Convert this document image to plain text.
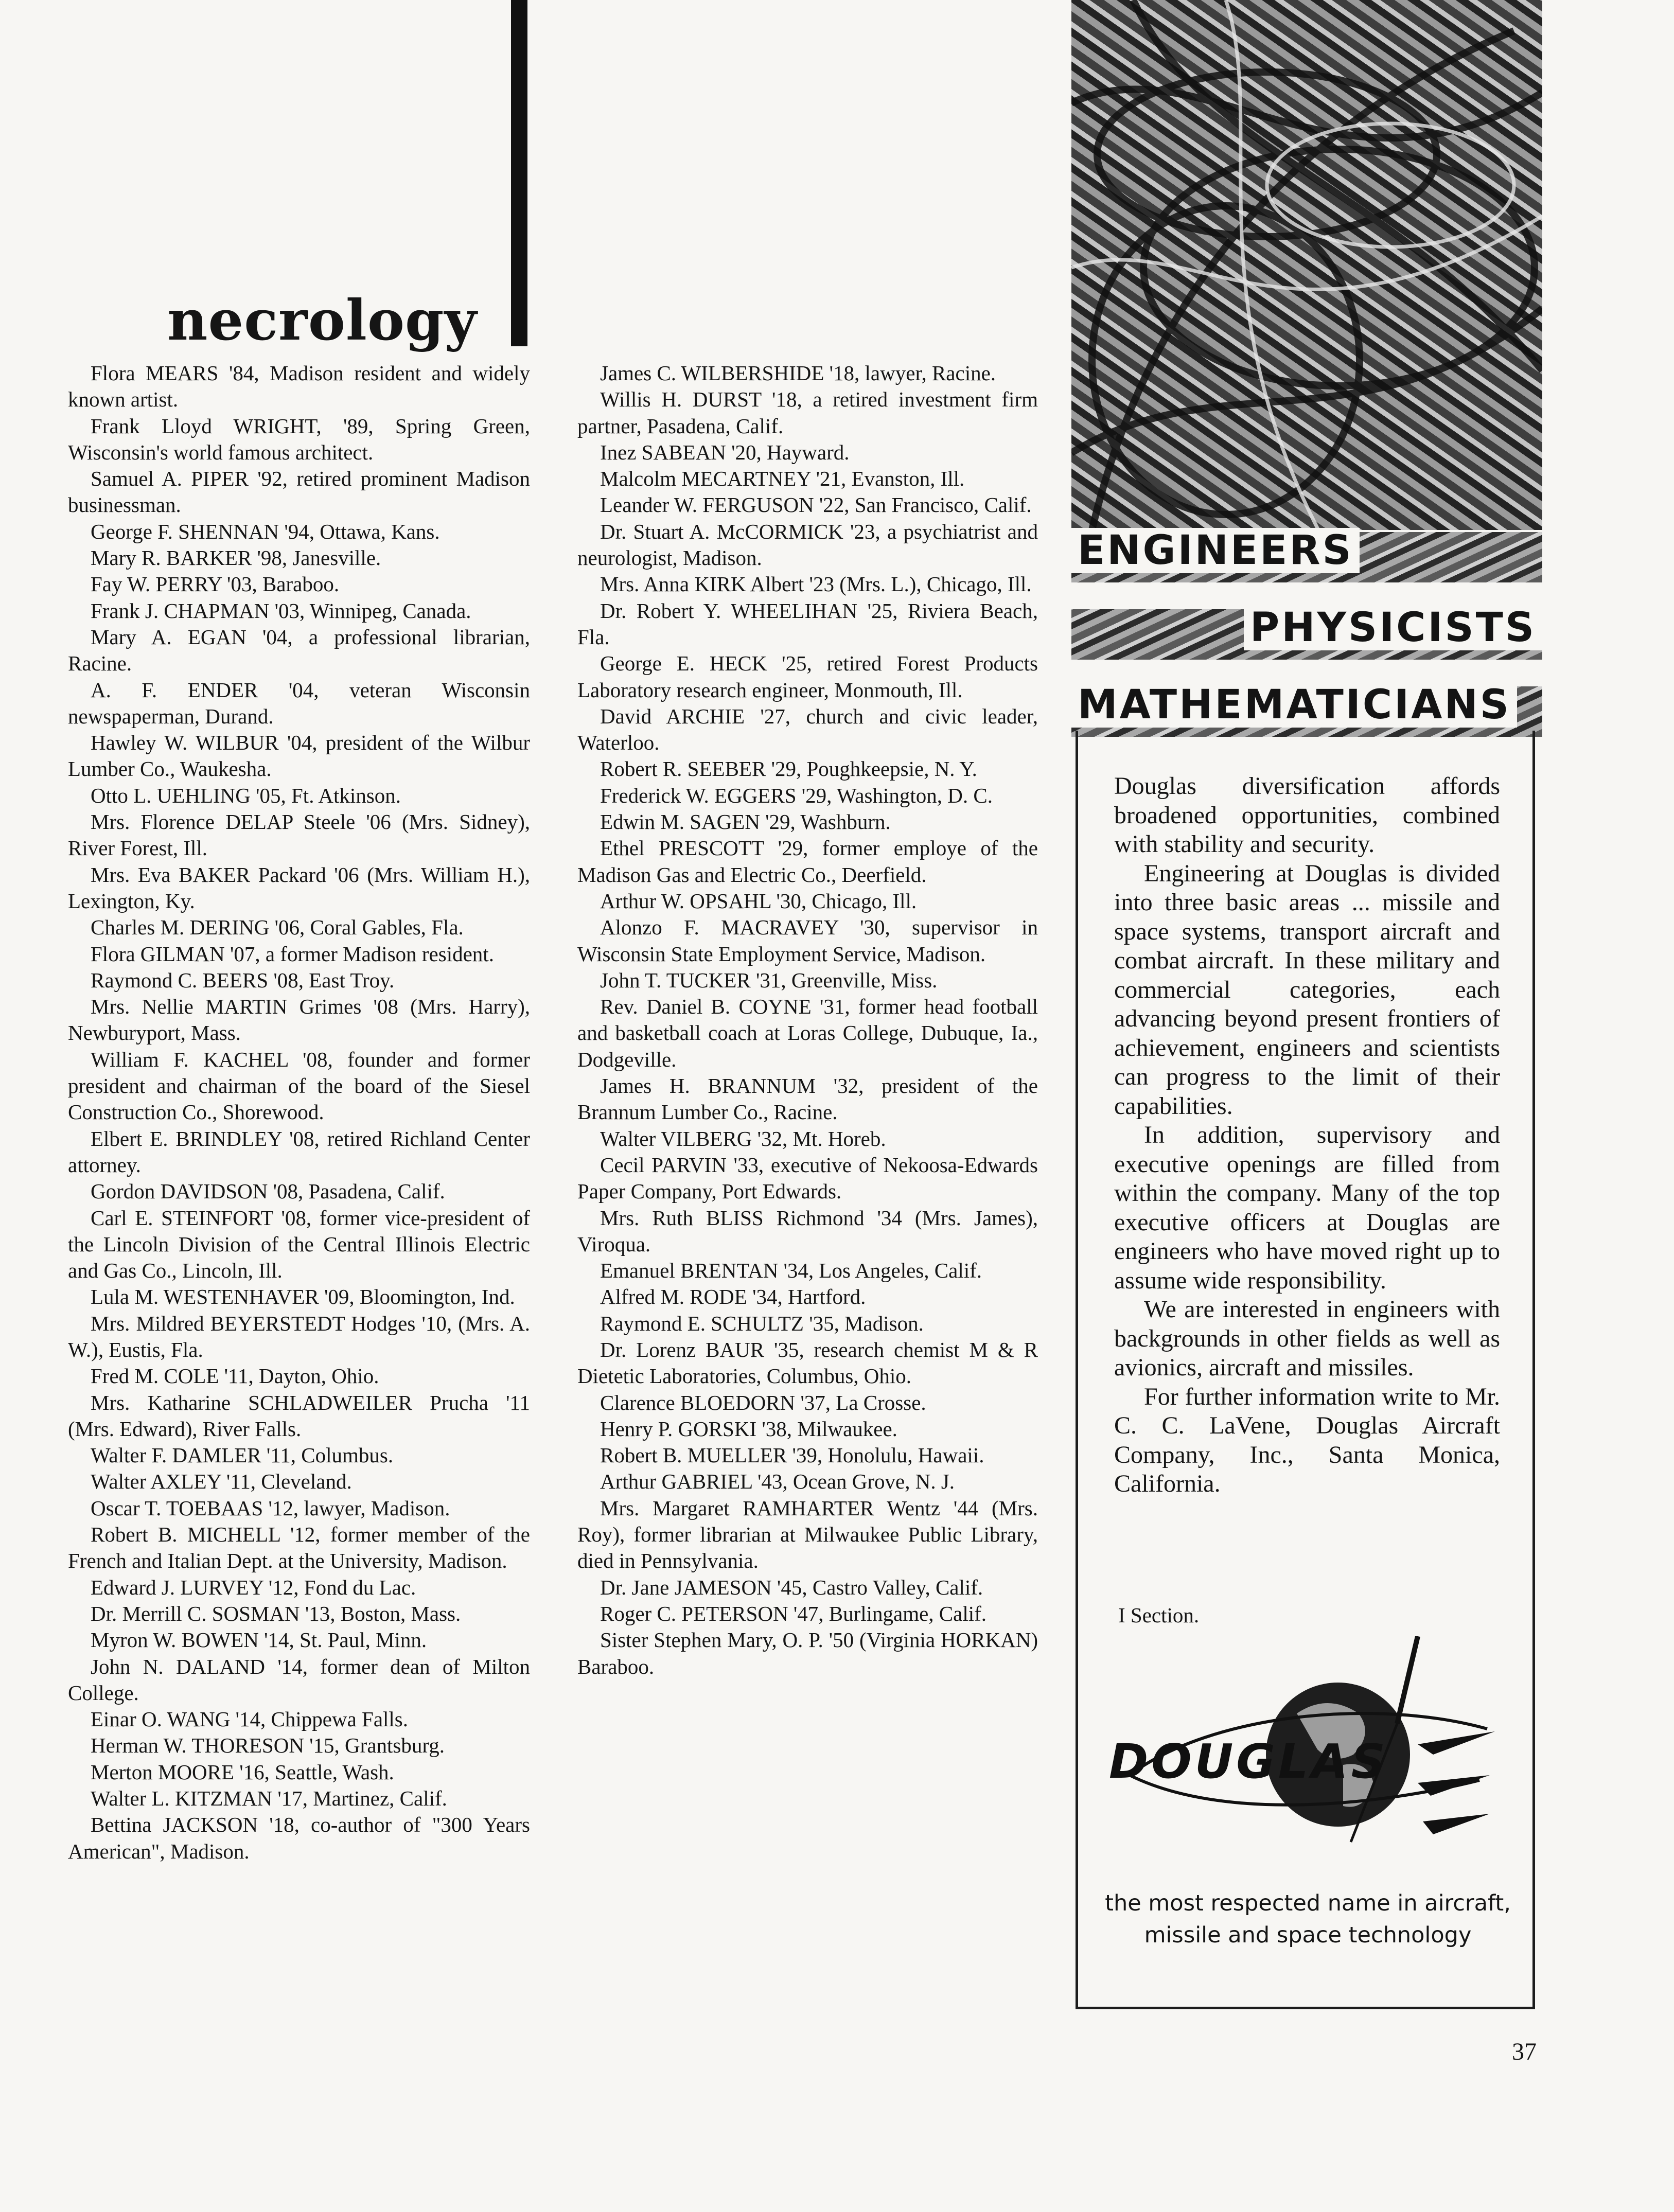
necrology

Flora MEARS '84, Madison resident and widely known artist.

Frank Lloyd WRIGHT, '89, Spring Green, Wisconsin's world famous architect.

Samuel A. PIPER '92, retired prominent Madison businessman.

George F. SHENNAN '94, Ottawa, Kans.

Mary R. BARKER '98, Janesville.

Fay W. PERRY '03, Baraboo.

Frank J. CHAPMAN '03, Winnipeg, Canada.

Mary A. EGAN '04, a professional librarian, Racine.

A. F. ENDER '04, veteran Wisconsin newspaperman, Durand.

Hawley W. WILBUR '04, president of the Wilbur Lumber Co., Waukesha.

Otto L. UEHLING '05, Ft. Atkinson.

Mrs. Florence DELAP Steele '06 (Mrs. Sidney), River Forest, Ill.

Mrs. Eva BAKER Packard '06 (Mrs. William H.), Lexington, Ky.

Charles M. DERING '06, Coral Gables, Fla.

Flora GILMAN '07, a former Madison resident.

Raymond C. BEERS '08, East Troy.

Mrs. Nellie MARTIN Grimes '08 (Mrs. Harry), Newburyport, Mass.

William F. KACHEL '08, founder and former president and chairman of the board of the Siesel Construction Co., Shorewood.

Elbert E. BRINDLEY '08, retired Richland Center attorney.

Gordon DAVIDSON '08, Pasadena, Calif.

Carl E. STEINFORT '08, former vice-president of the Lincoln Division of the Central Illinois Electric and Gas Co., Lincoln, Ill.

Lula M. WESTENHAVER '09, Bloomington, Ind.

Mrs. Mildred BEYERSTEDT Hodges '10, (Mrs. A. W.), Eustis, Fla.

Fred M. COLE '11, Dayton, Ohio.

Mrs. Katharine SCHLADWEILER Prucha '11 (Mrs. Edward), River Falls.

Walter F. DAMLER '11, Columbus.

Walter AXLEY '11, Cleveland.

Oscar T. TOEBAAS '12, lawyer, Madison.

Robert B. MICHELL '12, former member of the French and Italian Dept. at the University, Madison.

Edward J. LURVEY '12, Fond du Lac.

Dr. Merrill C. SOSMAN '13, Boston, Mass.

Myron W. BOWEN '14, St. Paul, Minn.

John N. DALAND '14, former dean of Milton College.

Einar O. WANG '14, Chippewa Falls.

Herman W. THORESON '15, Grantsburg.

Merton MOORE '16, Seattle, Wash.

Walter L. KITZMAN '17, Martinez, Calif.

Bettina JACKSON '18, co-author of "300 Years American", Madison.

James C. WILBERSHIDE '18, lawyer, Racine.

Willis H. DURST '18, a retired investment firm partner, Pasadena, Calif.

Inez SABEAN '20, Hayward.

Malcolm MECARTNEY '21, Evanston, Ill.

Leander W. FERGUSON '22, San Francisco, Calif.

Dr. Stuart A. McCORMICK '23, a psychiatrist and neurologist, Madison.

Mrs. Anna KIRK Albert '23 (Mrs. L.), Chicago, Ill.

Dr. Robert Y. WHEELIHAN '25, Riviera Beach, Fla.

George E. HECK '25, retired Forest Products Laboratory research engineer, Monmouth, Ill.

David ARCHIE '27, church and civic leader, Waterloo.

Robert R. SEEBER '29, Poughkeepsie, N. Y.

Frederick W. EGGERS '29, Washington, D. C.

Edwin M. SAGEN '29, Washburn.

Ethel PRESCOTT '29, former employe of the Madison Gas and Electric Co., Deerfield.

Arthur W. OPSAHL '30, Chicago, Ill.

Alonzo F. MACRAVEY '30, supervisor in Wisconsin State Employment Service, Madison.

John T. TUCKER '31, Greenville, Miss.

Rev. Daniel B. COYNE '31, former head football and basketball coach at Loras College, Dubuque, Ia., Dodgeville.

James H. BRANNUM '32, president of the Brannum Lumber Co., Racine.

Walter VILBERG '32, Mt. Horeb.

Cecil PARVIN '33, executive of Nekoosa-Edwards Paper Company, Port Edwards.

Mrs. Ruth BLISS Richmond '34 (Mrs. James), Viroqua.

Emanuel BRENTAN '34, Los Angeles, Calif.

Alfred M. RODE '34, Hartford.

Raymond E. SCHULTZ '35, Madison.

Dr. Lorenz BAUR '35, research chemist M & R Dietetic Laboratories, Columbus, Ohio.

Clarence BLOEDORN '37, La Crosse.

Henry P. GORSKI '38, Milwaukee.

Robert B. MUELLER '39, Honolulu, Hawaii.

Arthur GABRIEL '43, Ocean Grove, N. J.

Mrs. Margaret RAMHARTER Wentz '44 (Mrs. Roy), former librarian at Milwaukee Public Library, died in Pennsylvania.

Dr. Jane JAMESON '45, Castro Valley, Calif.

Roger C. PETERSON '47, Burlingame, Calif.

Sister Stephen Mary, O. P. '50 (Virginia HORKAN) Baraboo.

ENGINEERS
PHYSICISTS
MATHEMATICIANS

Douglas diversification affords broadened opportunities, combined with stability and security.

Engineering at Douglas is divided into three basic areas ... missile and space systems, transport aircraft and combat aircraft. In these military and commercial categories, each advancing beyond present frontiers of achievement, engineers and scientists can progress to the limit of their capabilities.

In addition, supervisory and executive openings are filled from within the company. Many of the top executive officers at Douglas are engineers who have moved right up to assume wide responsibility.

We are interested in engineers with backgrounds in other fields as well as avionics, aircraft and missiles.

For further information write to Mr. C. C. LaVene, Douglas Aircraft Company, Inc., Santa Monica, California.

I Section.

DOUGLAS

the most respected name in aircraft,
missile and space technology

37
